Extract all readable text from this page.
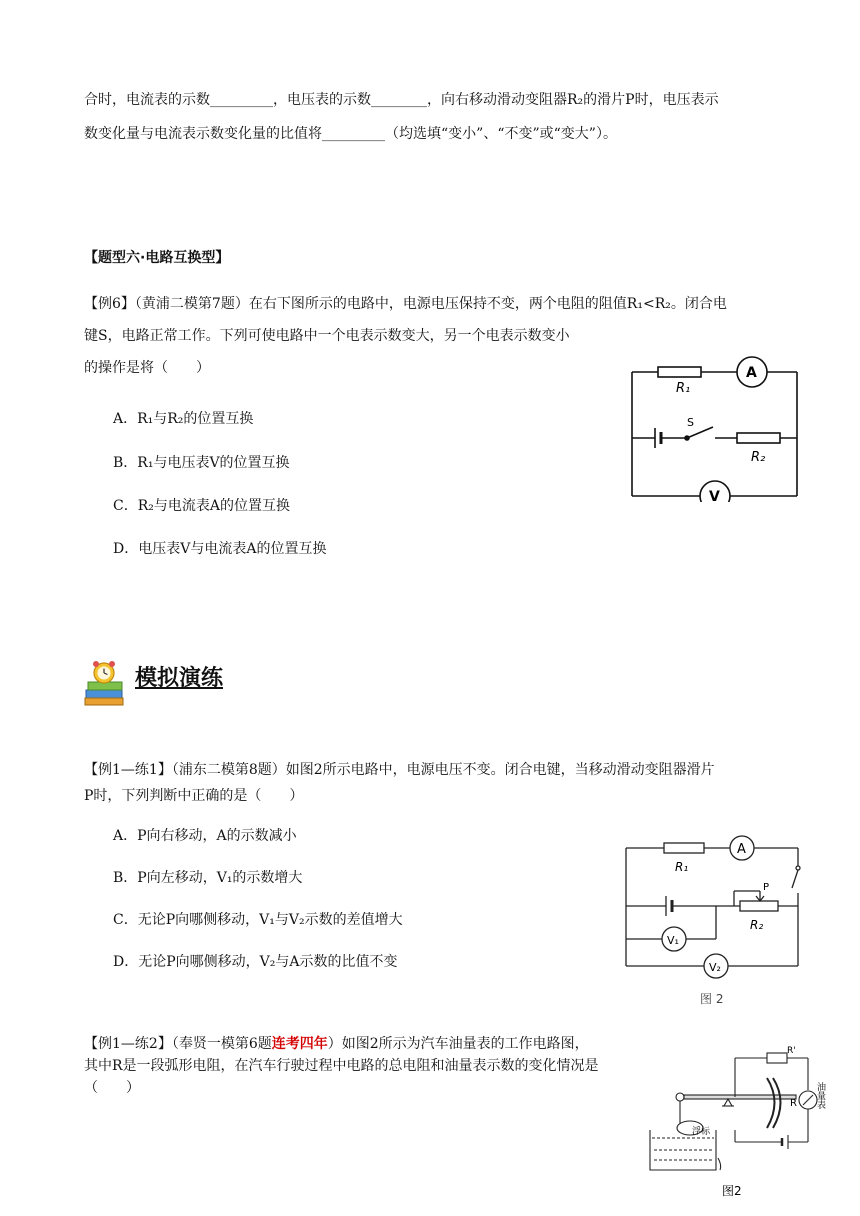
合时，电流表的示数_________，电压表的示数________，向右移动滑动变阻器R₂的滑片P时，电压表示
数变化量与电流表示数变化量的比值将_________（均选填“变小”、“不变”或“变大”）。
【题型六·电路互换型】
【例6】（黄浦二模第7题）在右下图所示的电路中，电源电压保持不变，两个电阻的阻值R₁<R₂。闭合电
键S，电路正常工作。下列可使电路中一个电表示数变大，另一个电表示数变小
的操作是将（　　）
A．R₁与R₂的位置互换
B．R₁与电压表V的位置互换
C．R₂与电流表A的位置互换
D．电压表V与电流表A的位置互换
R₁
A
S
R₂
V
模拟演练
【例1—练1】（浦东二模第8题）如图2所示电路中，电源电压不变。闭合电键，当移动滑动变阻器滑片
P时，下列判断中正确的是（　　）
A．P向右移动，A的示数减小
B．P向左移动，V₁的示数增大
C．无论P向哪侧移动，V₁与V₂示数的差值增大
D．无论P向哪侧移动，V₂与A示数的比值不变
R₁
A
P
R₂
V₁
V₂
图 2
【例1—练2】（奉贤一模第6题连考四年）如图2所示为汽车油量表的工作电路图，
其中R是一段弧形电阻，在汽车行驶过程中电路的总电阻和油量表示数的变化情况是
（　　）
R'
R
浮标
油量表
图2
